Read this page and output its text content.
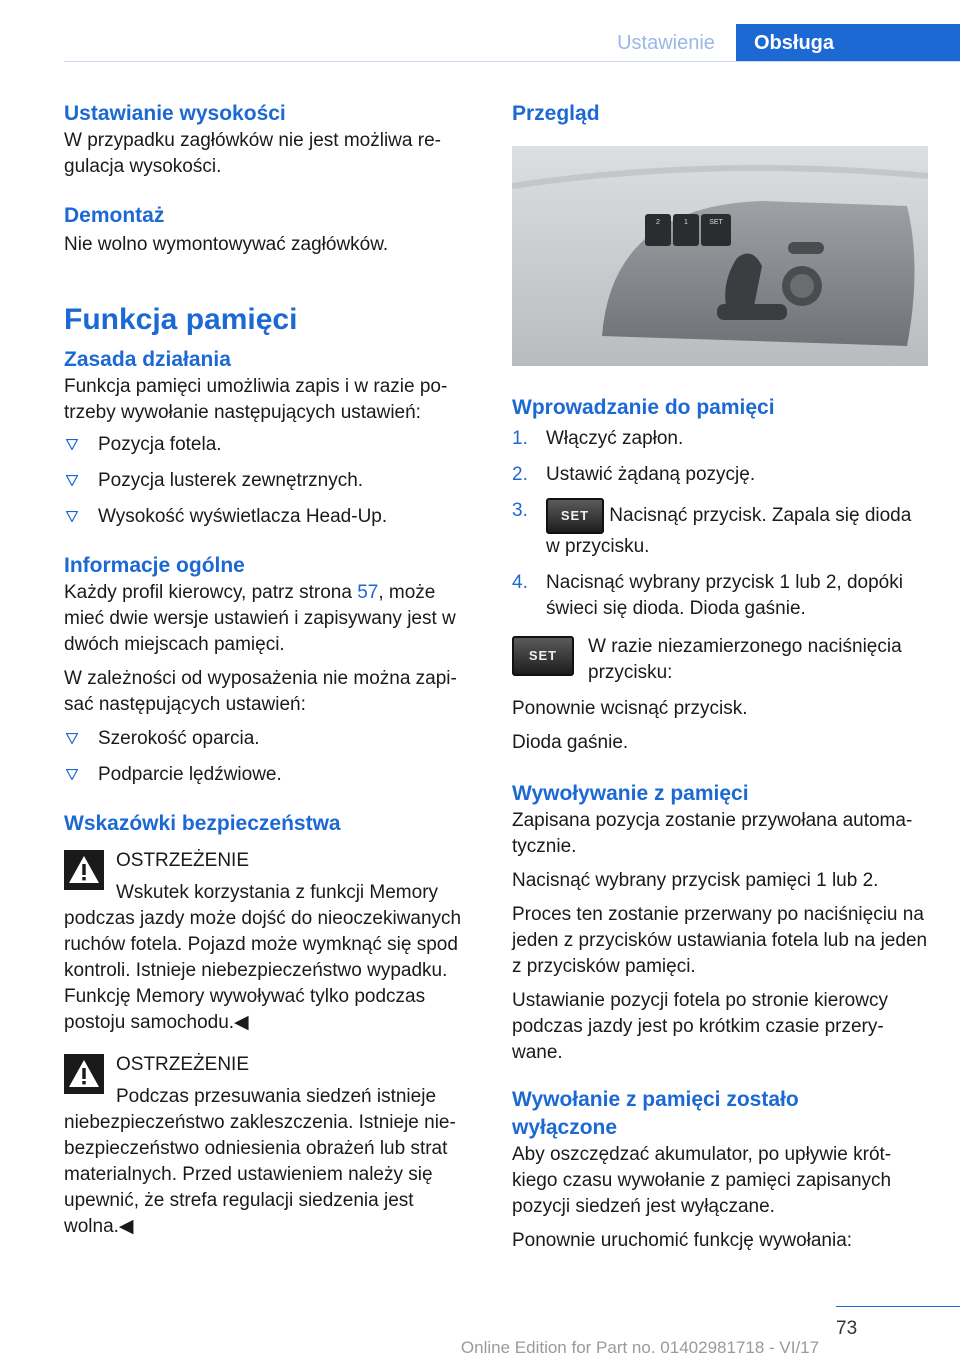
Ustawienie	Obsługa
Ustawianie wysokości
W przypadku zagłówków nie jest możliwa re-gulacja wysokości.
Demontaż
Nie wolno wymontowywać zagłówków.
Funkcja pamięci
Zasada działania
Funkcja pamięci umożliwia zapis i w razie po-trzeby wywołanie następujących ustawień:
Pozycja fotela.
Pozycja lusterek zewnętrznych.
Wysokość wyświetlacza Head-Up.
Informacje ogólne
Każdy profil kierowcy, patrz strona 57, może mieć dwie wersje ustawień i zapisywany jest w dwóch miejscach pamięci.
W zależności od wyposażenia nie można zapi-sać następujących ustawień:
Szerokość oparcia.
Podparcie lędźwiowe.
Wskazówki bezpieczeństwa
OSTRZEŻENIE
Wskutek korzystania z funkcji Memory
podczas jazdy może dojść do nieoczekiwanych ruchów fotela. Pojazd może wymknąć się spod kontroli. Istnieje niebezpieczeństwo wypadku. Funkcję Memory wywoływać tylko podczas postoju samochodu.◀
OSTRZEŻENIE
Podczas przesuwania siedzeń istnieje
niebezpieczeństwo zakleszczenia. Istnieje nie-bezpieczeństwo odniesienia obrażeń lub strat materialnych. Przed ustawieniem należy się upewnić, że strefa regulacji siedzenia jest wolna.◀
Przegląd
2	1	SET
Wprowadzanie do pamięci
1. Włączyć zapłon.
2. Ustawić żądaną pozycję.
3.	SET Nacisnąć przycisk. Zapala się dioda w przycisku.
4. Nacisnąć wybrany przycisk 1 lub 2, dopóki świeci się dioda. Dioda gaśnie.
SET	W razie niezamierzonego naciśnięcia przycisku:
Ponownie wcisnąć przycisk.
Dioda gaśnie.
Wywoływanie z pamięci
Zapisana pozycja zostanie przywołana automa-tycznie.
Nacisnąć wybrany przycisk pamięci 1 lub 2.
Proces ten zostanie przerwany po naciśnięciu na jeden z przycisków ustawiania fotela lub na jeden z przycisków pamięci.
Ustawianie pozycji fotela po stronie kierowcy podczas jazdy jest po krótkim czasie przery-wane.
Wywołanie z pamięci zostało wyłączone
Aby oszczędzać akumulator, po upływie krót-kiego czasu wywołanie z pamięci zapisanych pozycji siedzeń jest wyłączane.
Ponownie uruchomić funkcję wywołania:
73
Online Edition for Part no. 01402981718 - VI/17
